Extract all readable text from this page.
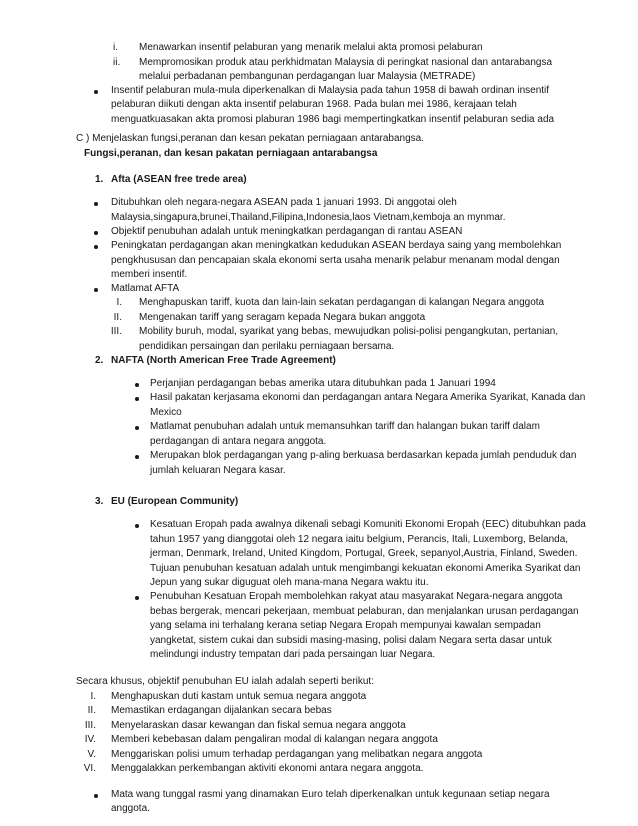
i. Menawarkan insentif pelaburan yang menarik melalui akta promosi pelaburan
ii. Mempromosikan produk atau perkhidmatan Malaysia di peringkat nasional dan antarabangsa
melalui perbadanan pembangunan perdagangan luar Malaysia (METRADE)
Insentif pelaburan mula-mula diperkenalkan di Malaysia pada tahun 1958 di bawah ordinan insentif
pelaburan diikuti dengan akta insentif pelaburan 1968. Pada bulan mei 1986, kerajaan telah
menguatkuasakan akta promosi plaburan 1986 bagi mempertingkatkan insentif pelaburan sedia ada
C ) Menjelaskan fungsi,peranan dan kesan pekatan perniagaan antarabangsa.
Fungsi,peranan, dan kesan pakatan perniagaan antarabangsa
1. Afta (ASEAN free trede area)
Ditubuhkan oleh negara-negara ASEAN pada 1 januari 1993. Di anggotai oleh
Malaysia,singapura,brunei,Thailand,Filipina,Indonesia,laos Vietnam,kemboja an mynmar.
Objektif penubuhan adalah untuk meningkatkan perdagangan di rantau ASEAN
Peningkatan perdagangan akan meningkatkan kedudukan ASEAN berdaya saing yang membolehkan
pengkhususan dan pencapaian skala ekonomi serta usaha menarik pelabur menanam modal dengan
memberi insentif.
Matlamat AFTA
I. Menghapuskan tariff, kuota dan lain-lain sekatan perdagangan di kalangan Negara anggota
II. Mengenakan tariff yang seragam kepada Negara bukan anggota
III. Mobility buruh, modal, syarikat yang bebas, mewujudkan polisi-polisi pengangkutan, pertanian,
pendidikan persaingan dan perilaku perniagaan bersama.
2. NAFTA (North American Free Trade Agreement)
Perjanjian perdagangan bebas amerika utara ditubuhkan pada 1 Januari 1994
Hasil pakatan kerjasama ekonomi dan perdagangan antara Negara Amerika Syarikat, Kanada dan
Mexico
Matlamat penubuhan adalah untuk memansuhkan tariff dan halangan bukan tariff dalam
perdagangan di antara negara anggota.
Merupakan blok perdagangan yang p-aling berkuasa berdasarkan kepada jumlah penduduk dan
jumlah keluaran Negara kasar.
3. EU (European Community)
Kesatuan Eropah pada awalnya dikenali sebagi Komuniti Ekonomi Eropah (EEC) ditubuhkan pada
tahun 1957 yang dianggotai oleh 12 negara iaitu belgium, Perancis, Itali, Luxemborg, Belanda,
jerman, Denmark, Ireland, United Kingdom, Portugal, Greek, sepanyol,Austria, Finland, Sweden.
Tujuan penubuhan kesatuan adalah untuk mengimbangi kekuatan ekonomi Amerika Syarikat dan
Jepun yang sukar diguguat oleh mana-mana Negara waktu itu.
Penubuhan Kesatuan Eropah membolehkan rakyat atau masyarakat Negara-negara anggota
bebas bergerak, mencari pekerjaan, membuat pelaburan, dan menjalankan urusan perdagangan
yang selama ini terhalang kerana setiap Negara Eropah mempunyai kawalan sempadan
yangketat, sistem cukai dan subsidi masing-masing, polisi dalam Negara serta dasar untuk
melindungi industry tempatan dari pada persaingan luar Negara.
Secara khusus, objektif penubuhan EU ialah adalah seperti berikut:
I. Menghapuskan duti kastam untuk semua negara anggota
II. Memastikan erdagangan dijalankan secara bebas
III. Menyelaraskan dasar kewangan dan fiskal semua negara anggota
IV. Memberi kebebasan dalam pengaliran modal di kalangan negara anggota
V. Menggariskan polisi umum terhadap perdagangan yang melibatkan negara anggota
VI. Menggalakkan perkembangan aktiviti ekonomi antara negara anggota.
Mata wang tunggal rasmi yang dinamakan Euro telah diperkenalkan untuk kegunaan setiap negara
anggota.
